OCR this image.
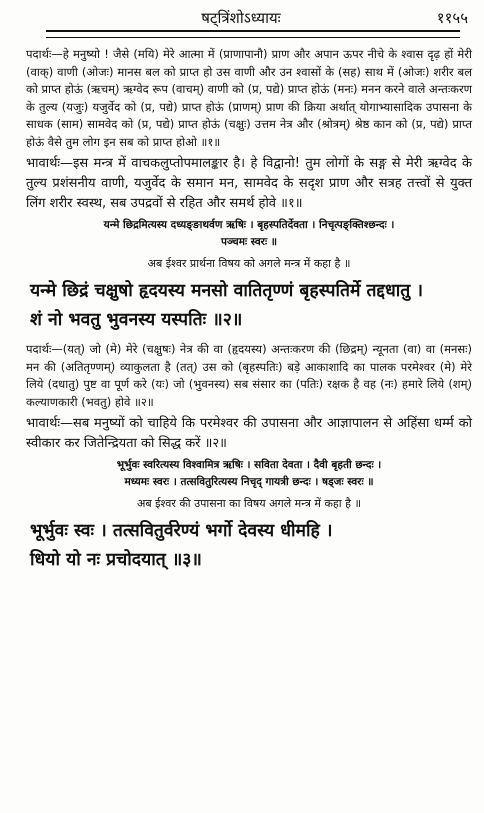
षट्त्रिंशोऽध्यायः	११५५

पदार्थः—हे मनुष्यो ! जैसे (मयि) मेरे आत्मा में (प्राणापानौ) प्राण और अपान ऊपर नीचे के श्वास दृढ़ हों मेरी (वाक्) वाणी (ओजः) मानस बल को प्राप्त हो उस वाणी और उन श्वासों के (सह) साथ में (ओजः) शरीर बल को प्राप्त होऊं (ऋचम्) ऋग्वेद रूप (वाचम्) वाणी को (प्र, पद्ये) प्राप्त होऊं (मनः) मनन करने वाले अन्तःकरण के तुल्य (यजुः) यजुर्वेद को (प्र, पद्ये) प्राप्त होऊं (प्राणम्) प्राण की क्रिया अर्थात् योगाभ्यासादिक उपासना के साधक (साम) सामवेद को (प्र, पद्ये) प्राप्त होऊं (चक्षुः) उत्तम नेत्र और (श्रोत्रम्) श्रेष्ठ कान को (प्र, पद्ये) प्राप्त होऊं वैसे तुम लोग इन सब को प्राप्त होओ ॥१॥

भावार्थः—इस मन्त्र में वाचकलुप्तोपमालङ्कार है। हे विद्वानो! तुम लोगों के सङ्ग से मेरी ऋग्वेद के तुल्य प्रशंसनीय वाणी, यजुर्वेद के समान मन, सामवेद के सदृश प्राण और सत्रह तत्त्वों से युक्त लिंग शरीर स्वस्थ, सब उपद्रवों से रहित और समर्थ होवे ॥१॥

यन्मे छिद्रमित्यस्य दध्यङ्ङाथर्वण ऋषिः । बृहस्पतिर्देवता । निचृत्पङ्क्तिश्छन्दः ।
पञ्चमः स्वरः ॥
अब ईश्वर प्रार्थना विषय को अगले मन्त्र में कहा है ॥
यन्मे छिद्रं चक्षुषो हृदयस्य मनसो वातितृण्णं बृहस्पतिर्मे तद्दधातु ।
शं नो भवतु भुवनस्य यस्पतिः ॥२॥

पदार्थः—(यत्) जो (मे) मेरे (चक्षुषः) नेत्र की वा (हृदयस्य) अन्तःकरण की (छिद्रम्) न्यूनता (वा) वा (मनसः) मन की (अतितृण्णम्) व्याकुलता है (तत्) उस को (बृहस्पतिः) बड़े आकाशादि का पालक परमेश्वर (मे) मेरे लिये (दधातु) पुष्ट वा पूर्ण करे (यः) जो (भुवनस्य) सब संसार का (पतिः) रक्षक है वह (नः) हमारे लिये (शम्) कल्याणकारी (भवतु) होवे ॥२॥

भावार्थः—सब मनुष्यों को चाहिये कि परमेश्वर की उपासना और आज्ञापालन से अहिंसा धर्म्म को स्वीकार कर जितेन्द्रियता को सिद्ध करें ॥२॥

भूर्भुवः स्वरित्यस्य विश्वामित्र ऋषिः । सविता देवता । दैवी बृहती छन्दः ।
मध्यमः स्वरः । तत्सवितुरित्यस्य निचृद् गायत्री छन्दः । षड्जः स्वरः ॥
अब ईश्वर की उपासना का विषय अगले मन्त्र में कहा है ॥
भूर्भुवः स्वः । तत्सवितुर्वरेण्यं भर्गो देवस्य धीमहि ।
धियो यो नः प्रचोदयात् ॥३॥
